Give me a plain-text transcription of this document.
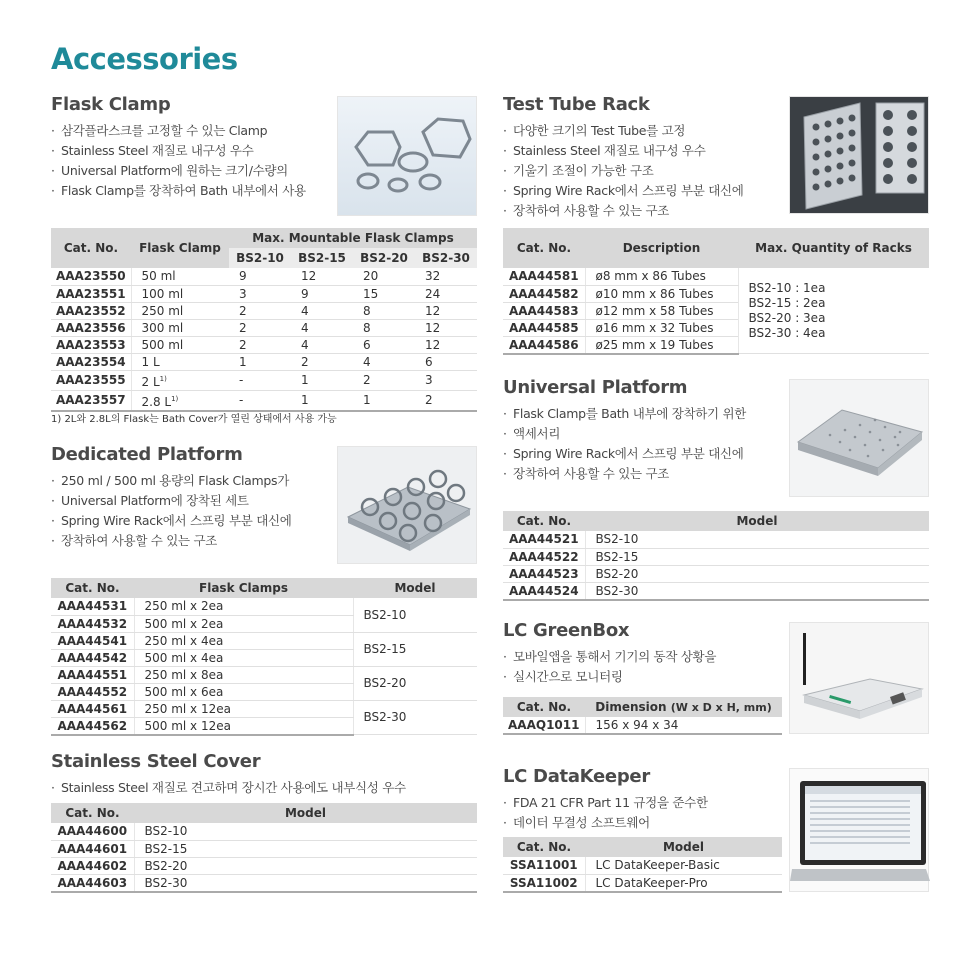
Accessories
Flask Clamp
· 삼각플라스크를 고정할 수 있는 Clamp
· Stainless Steel 재질로 내구성 우수
· Universal Platform에 원하는 크기/수량의
· Flask Clamp를 장착하여 Bath 내부에서 사용
Cat. No.	Flask Clamp	Max. Mountable Flask Clamps			
		BS2-10	BS2-15	BS2-20	BS2-30
AAA23550	50 ml	9	12	20	32
AAA23551	100 ml	3	9	15	24
AAA23552	250 ml	2	4	8	12
AAA23556	300 ml	2	4	8	12
AAA23553	500 ml	2	4	6	12
AAA23554	1 L	1	2	4	6
AAA23555	2 $L^{1)}$	-	1	2	3
AAA23557	2.8 $L^{1)}$	-	1	1	2
1) 2L와 2.8L의 Flask는 Bath Cover가 열린 상태에서 사용 가능
Dedicated Platform
· 250 ml / 500 ml 용량의 Flask Clamps가
· Universal Platform에 장착된 세트
· Spring Wire Rack에서 스프링 부분 대신에
· 장착하여 사용할 수 있는 구조
Cat. No.	Flask Clamps	Model
AAA44531	250 ml x 2ea	BS2-10
AAA44532	500 ml x 2ea	
AAA44541	250 ml x 4ea	BS2-15
AAA44542	500 ml x 4ea	
AAA44551	250 ml x 8ea	BS2-20
AAA44552	500 ml x 6ea	
AAA44561	250 ml x 12ea	BS2-30
AAA44562	500 ml x 12ea	
Stainless Steel Cover
· Stainless Steel 재질로 견고하며 장시간 사용에도 내부식성 우수
Cat. No.	Model
AAA44600	BS2-10
AAA44601	BS2-15
AAA44602	BS2-20
AAA44603	BS2-30
Test Tube Rack
· 다양한 크기의 Test Tube를 고정
· Stainless Steel 재질로 내구성 우수
· 기울기 조절이 가능한 구조
· Spring Wire Rack에서 스프링 부분 대신에
· 장착하여 사용할 수 있는 구조
Cat. No.	Description	Max. Quantity of Racks
AAA44581	ø8 mm x 86 Tubes	BS2-10 : 1ea
BS2-15 : 2ea
BS2-20 : 3ea
BS2-30 : 4ea

AAA44582	ø10 mm x 86 Tubes	
AAA44583	ø12 mm x 58 Tubes	
AAA44585	ø16 mm x 32 Tubes	
AAA44586	ø25 mm x 19 Tubes	
Universal Platform
· Flask Clamp를 Bath 내부에 장착하기 위한
· 액세서리
· Spring Wire Rack에서 스프링 부분 대신에
· 장착하여 사용할 수 있는 구조
Cat. No.	Model
AAA44521	BS2-10
AAA44522	BS2-15
AAA44523	BS2-20
AAA44524	BS2-30
LC GreenBox
· 모바일앱을 통해서 기기의 동작 상황을
· 실시간으로 모니터링
Cat. No.	Dimension (W x D x H, mm)
AAAQ1011	156 x 94 x 34
LC DataKeeper
· FDA 21 CFR Part 11 규정을 준수한
· 데이터 무결성 소프트웨어
Cat. No.	Model
SSA11001	LC DataKeeper-Basic
SSA11002	LC DataKeeper-Pro
